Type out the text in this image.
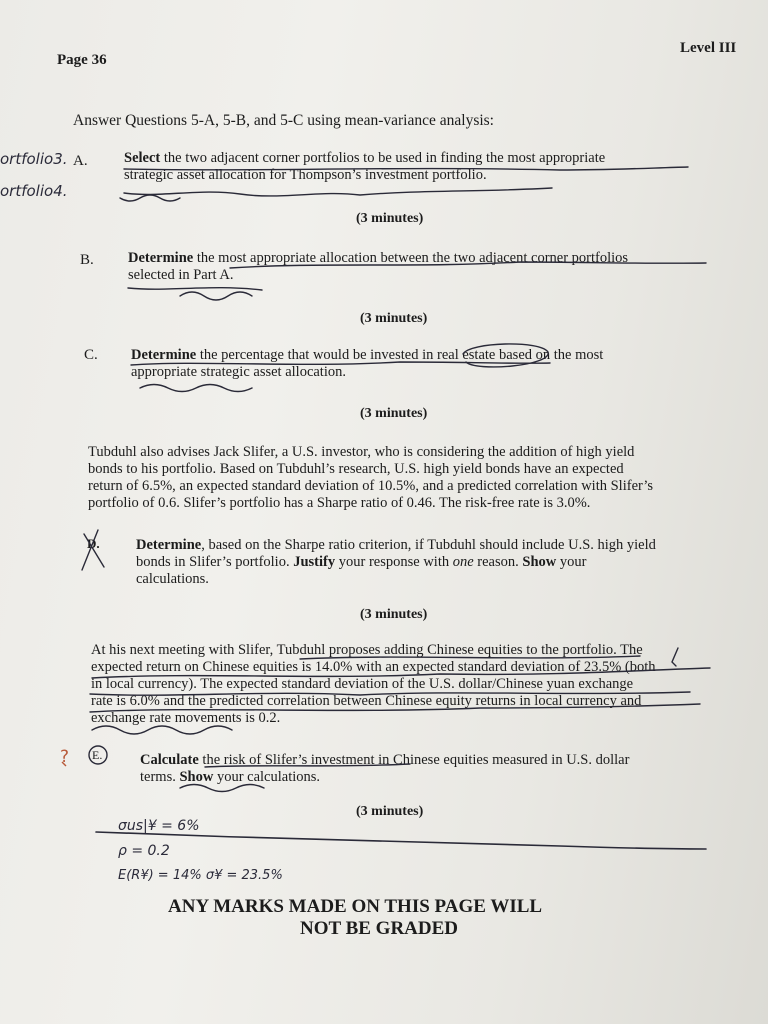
Page 36
Level III
Answer Questions 5-A, 5-B, and 5-C using mean-variance analysis:
ortfolio3.
ortfolio4.
A.	Select the two adjacent corner portfolios to be used in finding the most appropriate
strategic asset allocation for Thompson’s investment portfolio.
(3 minutes)
B. Determine the most appropriate allocation between the two adjacent corner portfolios
selected in Part A.
(3 minutes)
C. Determine the percentage that would be invested in real estate based on the most
appropriate strategic asset allocation.
(3 minutes)
Tubduhl also advises Jack Slifer, a U.S. investor, who is considering the addition of high yield
bonds to his portfolio. Based on Tubduhl’s research, U.S. high yield bonds have an expected
return of 6.5%, an expected standard deviation of 10.5%, and a predicted correlation with Slifer’s
portfolio of 0.6. Slifer’s portfolio has a Sharpe ratio of 0.46. The risk-free rate is 3.0%.
D.	Determine, based on the Sharpe ratio criterion, if Tubduhl should include U.S. high yield
bonds in Slifer’s portfolio. Justify your response with one reason. Show your
calculations.
(3 minutes)
At his next meeting with Slifer, Tubduhl proposes adding Chinese equities to the portfolio. The
expected return on Chinese equities is 14.0% with an expected standard deviation of 23.5% (both
in local currency). The expected standard deviation of the U.S. dollar/Chinese yuan exchange
rate is 6.0% and the predicted correlation between Chinese equity returns in local currency and
exchange rate movements is 0.2.
? E.	Calculate the risk of Slifer’s investment in Chinese equities measured in U.S. dollar
terms. Show your calculations.
(3 minutes)
σus|¥ = 6%
ρ = 0.2
E(R¥) = 14% σ¥ = 23.5%
ANY MARKS MADE ON THIS PAGE WILL
NOT BE GRADED
